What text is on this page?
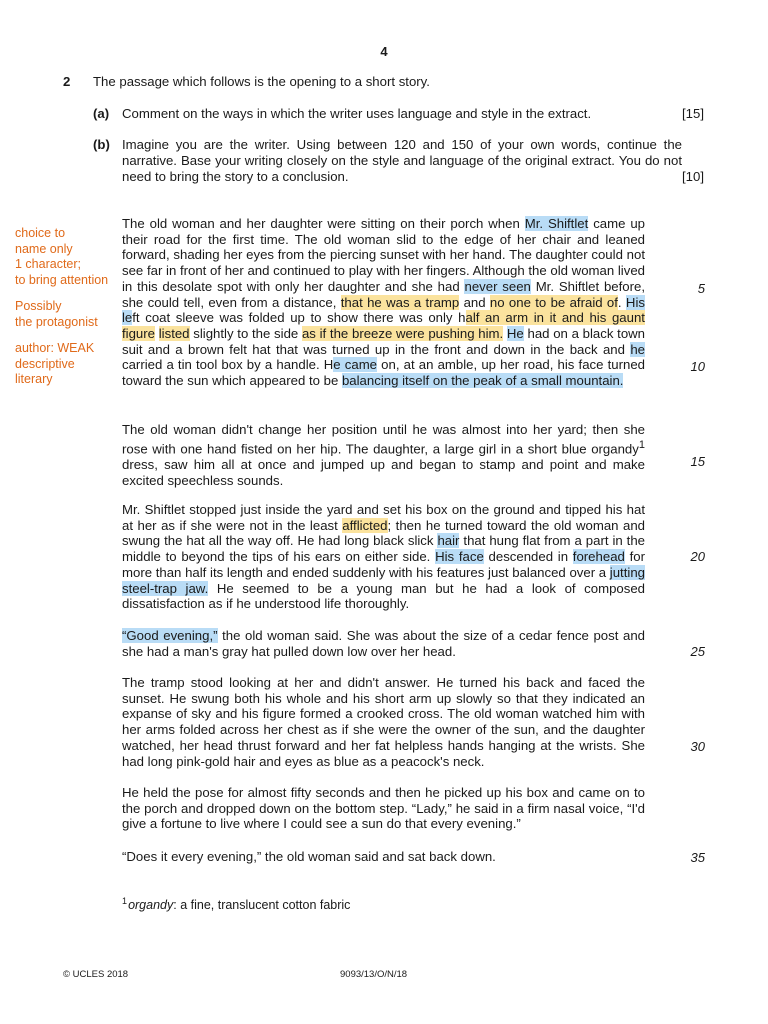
4
2 The passage which follows is the opening to a short story.
(a) Comment on the ways in which the writer uses language and style in the extract.	[15]
(b) Imagine you are the writer. Using between 120 and 150 of your own words, continue the narrative. Base your writing closely on the style and language of the original extract. You do not need to bring the story to a conclusion.	[10]

choice to
name only
1 character;
to bring attention

Possibly
the protagonist

author: WEAK
descriptive
literary

The old woman and her daughter were sitting on their porch when Mr. Shiftlet came up their road for the first time. The old woman slid to the edge of her chair and leaned forward, shading her eyes from the piercing sunset with her hand. The daughter could not see far in front of her and continued to play with her fingers. Although the old woman lived in this desolate spot with only her daughter and she had never seen Mr. Shiftlet before, she could tell, even from a distance, that he was a tramp and no one to be afraid of. His left coat sleeve was folded up to show there was only half an arm in it and his gaunt figure listed slightly to the side as if the breeze were pushing him. He had on a black town suit and a brown felt hat that was turned up in the front and down in the back and he carried a tin tool box by a handle. He came on, at an amble, up her road, his face turned toward the sun which appeared to be balancing itself on the peak of a small mountain.

The old woman didn't change her position until he was almost into her yard; then she rose with one hand fisted on her hip. The daughter, a large girl in a short blue organdy$^1$ dress, saw him all at once and jumped up and began to stamp and point and make excited speechless sounds.

Mr. Shiftlet stopped just inside the yard and set his box on the ground and tipped his hat at her as if she were not in the least afflicted; then he turned toward the old woman and swung the hat all the way off. He had long black slick hair that hung flat from a part in the middle to beyond the tips of his ears on either side. His face descended in forehead for more than half its length and ended suddenly with his features just balanced over a jutting steel-trap jaw. He seemed to be a young man but he had a look of composed dissatisfaction as if he understood life thoroughly.

“Good evening,” the old woman said. She was about the size of a cedar fence post and she had a man's gray hat pulled down low over her head.

The tramp stood looking at her and didn't answer. He turned his back and faced the sunset. He swung both his whole and his short arm up slowly so that they indicated an expanse of sky and his figure formed a crooked cross. The old woman watched him with her arms folded across her chest as if she were the owner of the sun, and the daughter watched, her head thrust forward and her fat helpless hands hanging at the wrists. She had long pink-gold hair and eyes as blue as a peacock's neck.

He held the pose for almost fifty seconds and then he picked up his box and came on to the porch and dropped down on the bottom step. “Lady,” he said in a firm nasal voice, “I'd give a fortune to live where I could see a sun do that every evening.”

“Does it every evening,” the old woman said and sat back down.

5
10
15
20
25
30
35
$^1$ organdy: a fine, translucent cotton fabric
© UCLES 2018	9093/13/O/N/18
